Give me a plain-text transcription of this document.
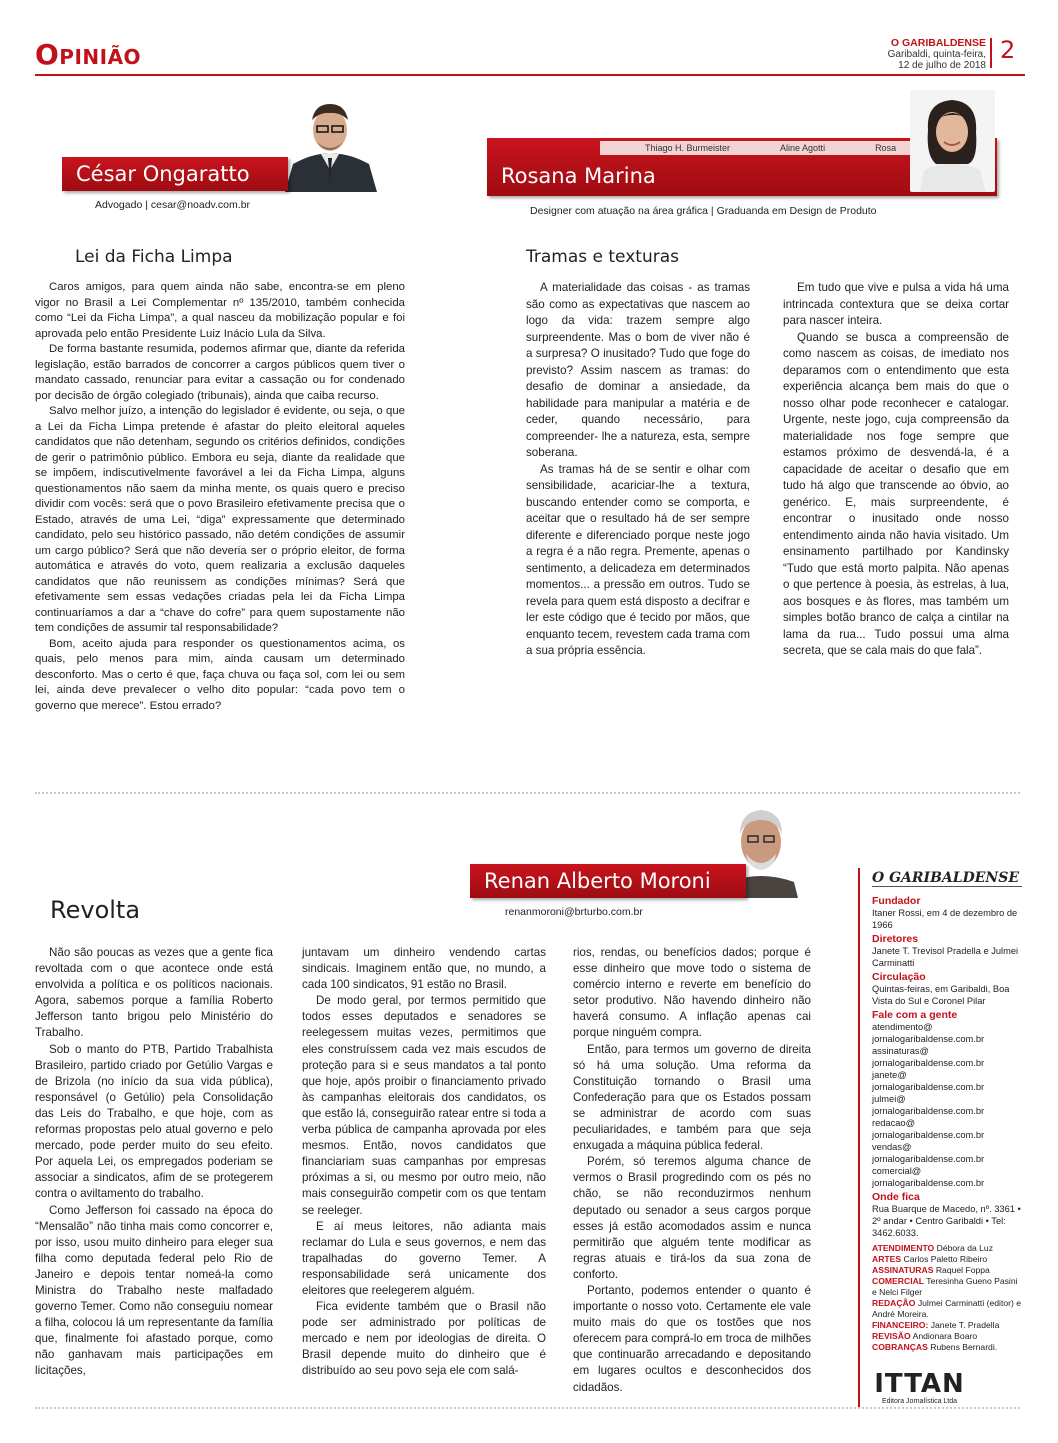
Opinião	O GARIBALDENSE
Garibaldi, quinta-feira,
12 de julho de 2018
2
César Ongaratto
Advogado | cesar@noadv.com.br
Lei da Ficha Limpa

Caros amigos, para quem ainda não sabe, encontra-se em pleno vigor no Brasil a Lei Complementar nº 135/2010, também conhecida como “Lei da Ficha Limpa”, a qual nasceu da mobilização popular e foi aprovada pelo então Presidente Luiz Inácio Lula da Silva.

De forma bastante resumida, podemos afirmar que, diante da referida legislação, estão barrados de concorrer a cargos públicos quem tiver o mandato cassado, renunciar para evitar a cassação ou for condenado por decisão de órgão colegiado (tribunais), ainda que caiba recurso.

Salvo melhor juízo, a intenção do legislador é evidente, ou seja, o que a Lei da Ficha Limpa pretende é afastar do pleito eleitoral aqueles candidatos que não detenham, segundo os critérios definidos, condições de gerir o patrimônio público. Embora eu seja, diante da realidade que se impõem, indiscutivelmente favorável a lei da Ficha Limpa, alguns questionamentos não saem da minha mente, os quais quero e preciso dividir com vocês: será que o povo Brasileiro efetivamente precisa que o Estado, através de uma Lei, “diga” expressamente que determinado candidato, pelo seu histórico passado, não detém condições de assumir um cargo público? Será que não deveria ser o próprio eleitor, de forma automática e através do voto, quem realizaria a exclusão daqueles candidatos que não reunissem as condições mínimas? Será que efetivamente sem essas vedações criadas pela lei da Ficha Limpa continuaríamos a dar a “chave do cofre” para quem supostamente não tem condições de assumir tal responsabilidade?

Bom, aceito ajuda para responder os questionamentos acima, os quais, pelo menos para mim, ainda causam um determinado desconforto. Mas o certo é que, faça chuva ou faça sol, com lei ou sem lei, ainda deve prevalecer o velho dito popular: “cada povo tem o governo que merece”. Estou errado?

Rosana Marina
Thiago H. Burmeister	Aline Agotti	Rosa
Designer com atuação na área gráfica | Graduanda em Design de Produto
Tramas e texturas

A materialidade das coisas - as tramas são como as expectativas que nascem ao logo da vida: trazem sempre algo surpreendente. Mas o bom de viver não é a surpresa? O inusitado? Tudo que foge do previsto? Assim nascem as tramas: do desafio de dominar a ansiedade, da habilidade para manipular a matéria e de ceder, quando necessário, para compreender- lhe a natureza, esta, sempre soberana.

As tramas há de se sentir e olhar com sensibilidade, acariciar-lhe a textura, buscando entender como se comporta, e aceitar que o resultado há de ser sempre diferente e diferenciado porque neste jogo a regra é a não regra. Premente, apenas o sentimento, a delicadeza em determinados momentos... a pressão em outros. Tudo se revela para quem está disposto a decifrar e ler este código que é tecido por mãos, que enquanto tecem, revestem cada trama com a sua própria essência.

Em tudo que vive e pulsa a vida há uma intrincada contextura que se deixa cortar para nascer inteira.

Quando se busca a compreensão de como nascem as coisas, de imediato nos deparamos com o entendimento que esta experiência alcança bem mais do que o nosso olhar pode reconhecer e catalogar. Urgente, neste jogo, cuja compreensão da materialidade nos foge sempre que estamos próximo de desvendá-la, é a capacidade de aceitar o desafio que em tudo há algo que transcende ao óbvio, ao genérico. E, mais surpreendente, é encontrar o inusitado onde nosso entendimento ainda não havia visitado. Um ensinamento partilhado por Kandinsky “Tudo que está morto palpita. Não apenas o que pertence à poesia, às estrelas, à lua, aos bosques e às flores, mas também um simples botão branco de calça a cintilar na lama da rua... Tudo possui uma alma secreta, que se cala mais do que fala”.

Renan Alberto Moroni
renanmoroni@brturbo.com.br
Revolta

Não são poucas as vezes que a gente fica revoltada com o que acontece onde está envolvida a política e os políticos nacionais. Agora, sabemos porque a família Roberto Jefferson tanto brigou pelo Ministério do Trabalho.

Sob o manto do PTB, Partido Trabalhista Brasileiro, partido criado por Getúlio Vargas e de Brizola (no início da sua vida pública), responsável (o Getúlio) pela Consolidação das Leis do Trabalho, e que hoje, com as reformas propostas pelo atual governo e pelo mercado, pode perder muito do seu efeito. Por aquela Lei, os empregados poderiam se associar a sindicatos, afim de se protegerem contra o aviltamento do trabalho.

Como Jefferson foi cassado na época do “Mensalão” não tinha mais como concorrer e, por isso, usou muito dinheiro para eleger sua filha como deputada federal pelo Rio de Janeiro e depois tentar nomeá-la como Ministra do Trabalho neste malfadado governo Temer. Como não conseguiu nomear a filha, colocou lá um representante da família que, finalmente foi afastado porque, como não ganhavam mais participações em licitações,

juntavam um dinheiro vendendo cartas sindicais. Imaginem então que, no mundo, a cada 100 sindicatos, 91 estão no Brasil.

De modo geral, por termos permitido que todos esses deputados e senadores se reelegessem muitas vezes, permitimos que eles construíssem cada vez mais escudos de proteção para si e seus mandatos a tal ponto que hoje, após proibir o financiamento privado às campanhas eleitorais dos candidatos, os que estão lá, conseguirão ratear entre si toda a verba pública de campanha aprovada por eles mesmos. Então, novos candidatos que financiariam suas campanhas por empresas próximas a si, ou mesmo por outro meio, não mais conseguirão competir com os que tentam se reeleger.

E aí meus leitores, não adianta mais reclamar do Lula e seus governos, e nem das trapalhadas do governo Temer. A responsabilidade será unicamente dos eleitores que reelegerem alguém.

Fica evidente também que o Brasil não pode ser administrado por políticas de mercado e nem por ideologias de direita. O Brasil depende muito do dinheiro que é distribuído ao seu povo seja ele com salá-

rios, rendas, ou benefícios dados; porque é esse dinheiro que move todo o sistema de comércio interno e reverte em benefício do setor produtivo. Não havendo dinheiro não haverá consumo. A inflação apenas cai porque ninguém compra.

Então, para termos um governo de direita só há uma solução. Uma reforma da Constituição tornando o Brasil uma Confederação para que os Estados possam se administrar de acordo com suas peculiaridades, e também para que seja enxugada a máquina pública federal.

Porém, só teremos alguma chance de vermos o Brasil progredindo com os pés no chão, se não reconduzirmos nenhum deputado ou senador a seus cargos porque esses já estão acomodados assim e nunca permitirão que alguém tente modificar as regras atuais e tirá-los da sua zona de conforto.

Portanto, podemos entender o quanto é importante o nosso voto. Certamente ele vale muito mais do que os tostões que nos oferecem para comprá-lo em troca de milhões que continuarão arrecadando e depositando em lugares ocultos e desconhecidos dos cidadãos.

O GARIBALDENSE
Fundador
Itaner Rossi, em 4 de dezembro de 1966
Diretores
Janete T. Trevisol Pradella e Julmei Carminatti
Circulação
Quintas-feiras, em Garibaldi, Boa Vista do Sul e Coronel Pilar
Fale com a gente
atendimento@
jornalogaribaldense.com.br
assinaturas@
jornalogaribaldense.com.br
janete@
jornalogaribaldense.com.br
julmei@
jornalogaribaldense.com.br
redacao@
jornalogaribaldense.com.br
vendas@
jornalogaribaldense.com.br
comercial@
jornalogaribaldense.com.br
Onde fica
Rua Buarque de Macedo, nº. 3361 • 2º andar • Centro Garibaldi • Tel: 3462.6033.
ATENDIMENTO Débora da Luz
ARTES Carlos Paletto Ribeiro
ASSINATURAS Raquel Foppa
COMERCIAL Teresinha Gueno Pasini e Nelci Filger
REDAÇÃO Julmei Carminatti (editor) e André Moreira.
FINANCEIRO: Janete T. Pradella
REVISÃO Andionara Boaro
COBRANÇAS Rubens Bernardi.
ITTAN
Editora Jornalística Ltda
